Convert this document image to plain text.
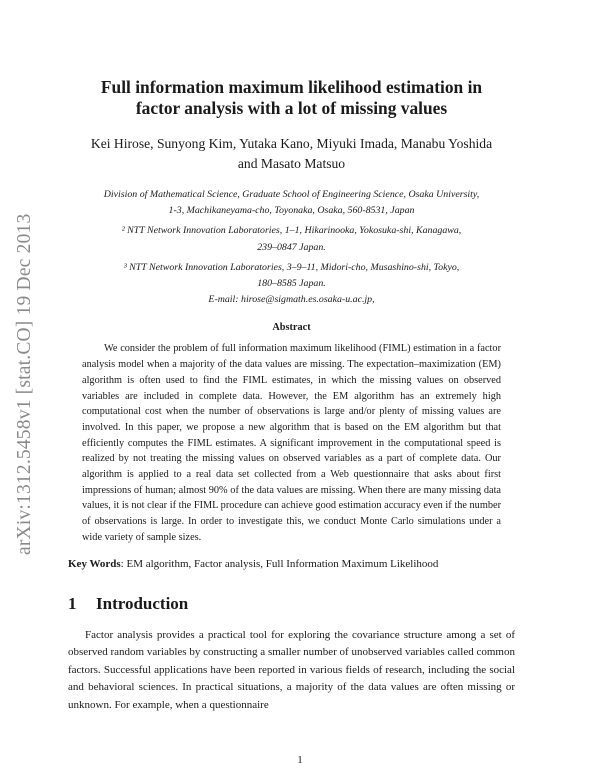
arXiv:1312.5458v1 [stat.CO] 19 Dec 2013
Full information maximum likelihood estimation in
factor analysis with a lot of missing values
Kei Hirose, Sunyong Kim, Yutaka Kano, Miyuki Imada, Manabu Yoshida
and Masato Matsuo
Division of Mathematical Science, Graduate School of Engineering Science, Osaka University,
1-3, Machikaneyama-cho, Toyonaka, Osaka, 560-8531, Japan
² NTT Network Innovation Laboratories, 1–1, Hikarinooka, Yokosuka-shi, Kanagawa,
239–0847 Japan.
³ NTT Network Innovation Laboratories, 3–9–11, Midori-cho, Musashino-shi, Tokyo,
180–8585 Japan.
E-mail: hirose@sigmath.es.osaka-u.ac.jp,
Abstract

We consider the problem of full information maximum likelihood (FIML) estimation in a factor analysis model when a majority of the data values are missing. The expectation–maximization (EM) algorithm is often used to find the FIML estimates, in which the missing values on observed variables are included in complete data. However, the EM algorithm has an extremely high computational cost when the number of observations is large and/or plenty of missing values are involved. In this paper, we propose a new algorithm that is based on the EM algorithm but that efficiently computes the FIML estimates. A significant improvement in the computational speed is realized by not treating the missing values on observed variables as a part of complete data. Our algorithm is applied to a real data set collected from a Web questionnaire that asks about first impressions of human; almost 90% of the data values are missing. When there are many missing data values, it is not clear if the FIML procedure can achieve good estimation accuracy even if the number of observations is large. In order to investigate this, we conduct Monte Carlo simulations under a wide variety of sample sizes.

Key Words: EM algorithm, Factor analysis, Full Information Maximum Likelihood
1 Introduction

Factor analysis provides a practical tool for exploring the covariance structure among a set of observed random variables by constructing a smaller number of unobserved variables called common factors. Successful applications have been reported in various fields of research, including the social and behavioral sciences. In practical situations, a majority of the data values are often missing or unknown. For example, when a questionnaire

1
